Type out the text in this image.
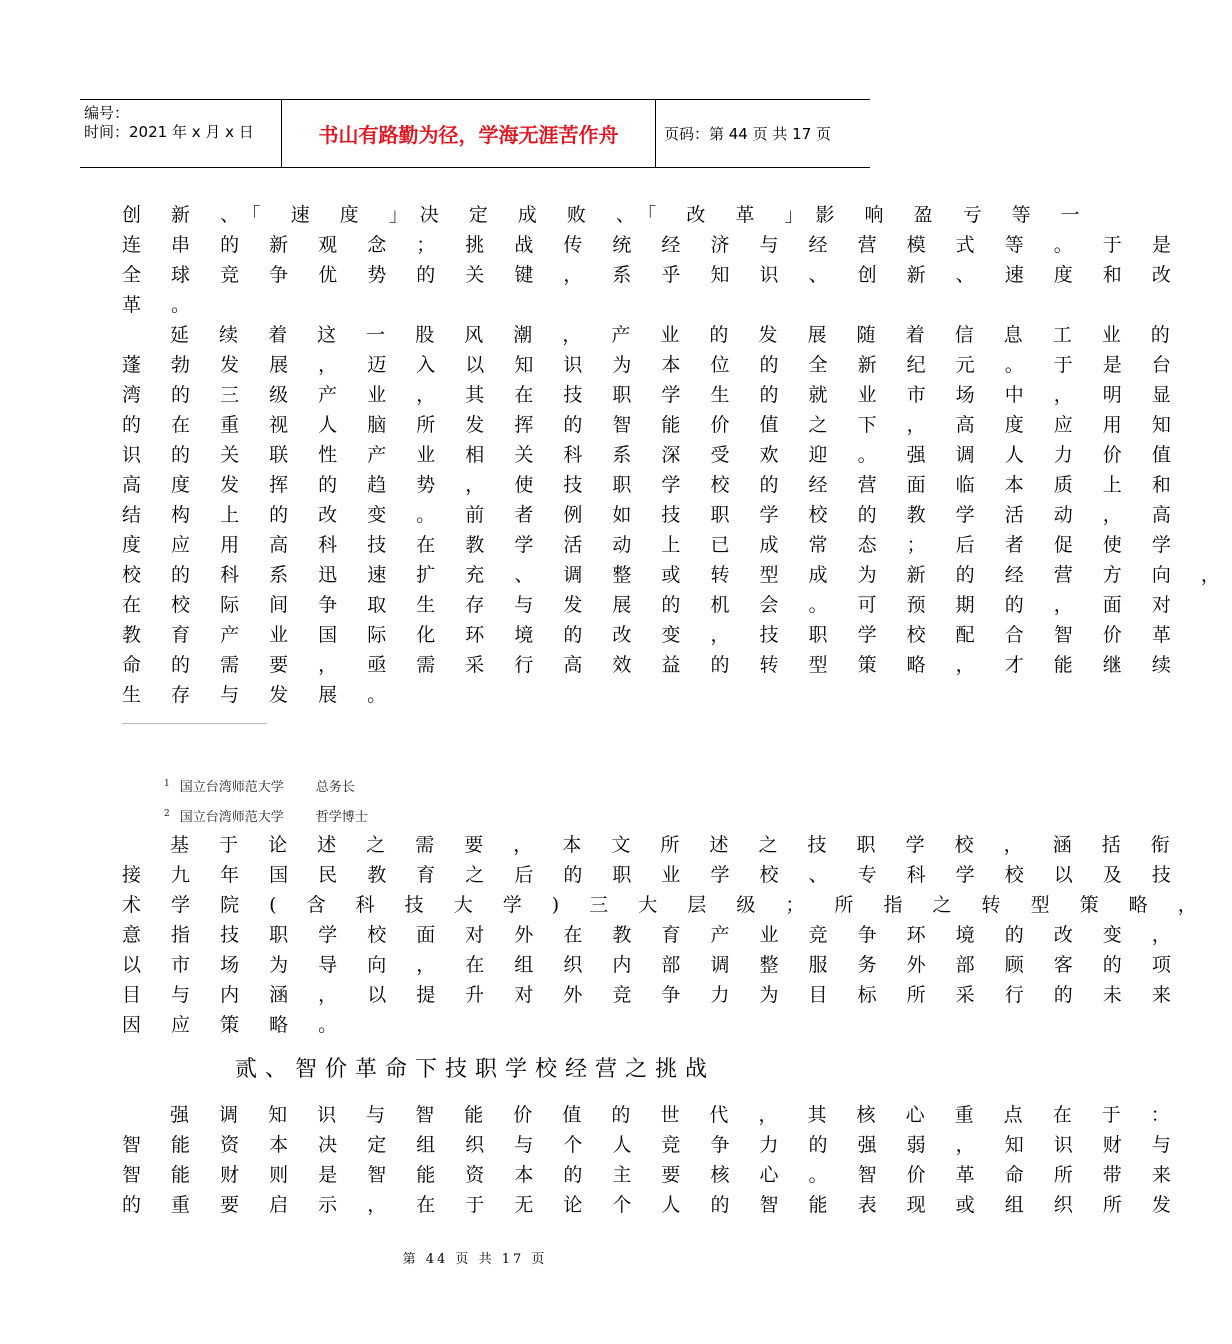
编号：
时间：2021 年 x 月 x 日	书山有路勤为径，学海无涯苦作舟	页码：第 44 页 共 17 页
创 新 、「 速 度 」决 定 成 败 、「 改 革 」影 响 盈 亏 等 一
连 串 的 新 观 念 ； 挑 战 传 统 经 济 与 经 营 模 式 等 。 于 是
全 球 竞 争 优 势 的 关 键 ， 系 乎 知 识 、 创 新 、 速 度 和 改
革 。
延 续 着 这 一 股 风 潮 ， 产 业 的 发 展 随 着 信 息 工 业 的
蓬 勃 发 展 ， 迈 入 以 知 识 为 本 位 的 全 新 纪 元 。 于 是 台
湾 的 三 级 产 业 ， 其 在 技 职 学 生 的 就 业 市 场 中 ， 明 显
的 在 重 视 人 脑 所 发 挥 的 智 能 价 值 之 下 ， 高 度 应 用 知
识 的 关 联 性 产 业 相 关 科 系 深 受 欢 迎 。 强 调 人 力 价 值
高 度 发 挥 的 趋 势 ， 使 技 职 学 校 的 经 营 面 临 本 质 上 和
结 构 上 的 改 变 。 前 者 例 如 技 职 学 校 的 教 学 活 动 ， 高
度 应 用 高 科 技 在 教 学 活 动 上 已 成 常 态 ； 后 者 促 使 学
校 的 科 系 迅 速 扩 充 、 调 整 或 转 型 成 为 新 的 经 营 方 向 ，
在 校 际 间 争 取 生 存 与 发 展 的 机 会 。 可 预 期 的 ， 面 对
教 育 产 业 国 际 化 环 境 的 改 变 ， 技 职 学 校 配 合 智 价 革
命 的 需 要 ， 亟 需 采 行 高 效 益 的 转 型 策 略 ， 才 能 继 续
生 存 与 发 展 。
$^1$ 国立台湾师范大学 总务长
$^2$ 国立台湾师范大学 哲学博士
基 于 论 述 之 需 要 ， 本 文 所 述 之 技 职 学 校 ， 涵 括 衔
接 九 年 国 民 教 育 之 后 的 职 业 学 校 、 专 科 学 校 以 及 技
术 学 院 ( 含 科 技 大 学 ) 三 大 层 级 ； 所 指 之 转 型 策 略 ，
意 指 技 职 学 校 面 对 外 在 教 育 产 业 竞 争 环 境 的 改 变 ，
以 市 场 为 导 向 ， 在 组 织 内 部 调 整 服 务 外 部 顾 客 的 项
目 与 内 涵 ， 以 提 升 对 外 竞 争 力 为 目 标 所 采 行 的 未 来
因 应 策 略 。
贰、智价革命下技职学校经营之挑战
强 调 知 识 与 智 能 价 值 的 世 代 ， 其 核 心 重 点 在 于 ：
智 能 资 本 决 定 组 织 与 个 人 竞 争 力 的 强 弱 ， 知 识 财 与
智 能 财 则 是 智 能 资 本 的 主 要 核 心 。 智 价 革 命 所 带 来
的 重 要 启 示 ， 在 于 无 论 个 人 的 智 能 表 现 或 组 织 所 发
第 44 页 共 17 页
